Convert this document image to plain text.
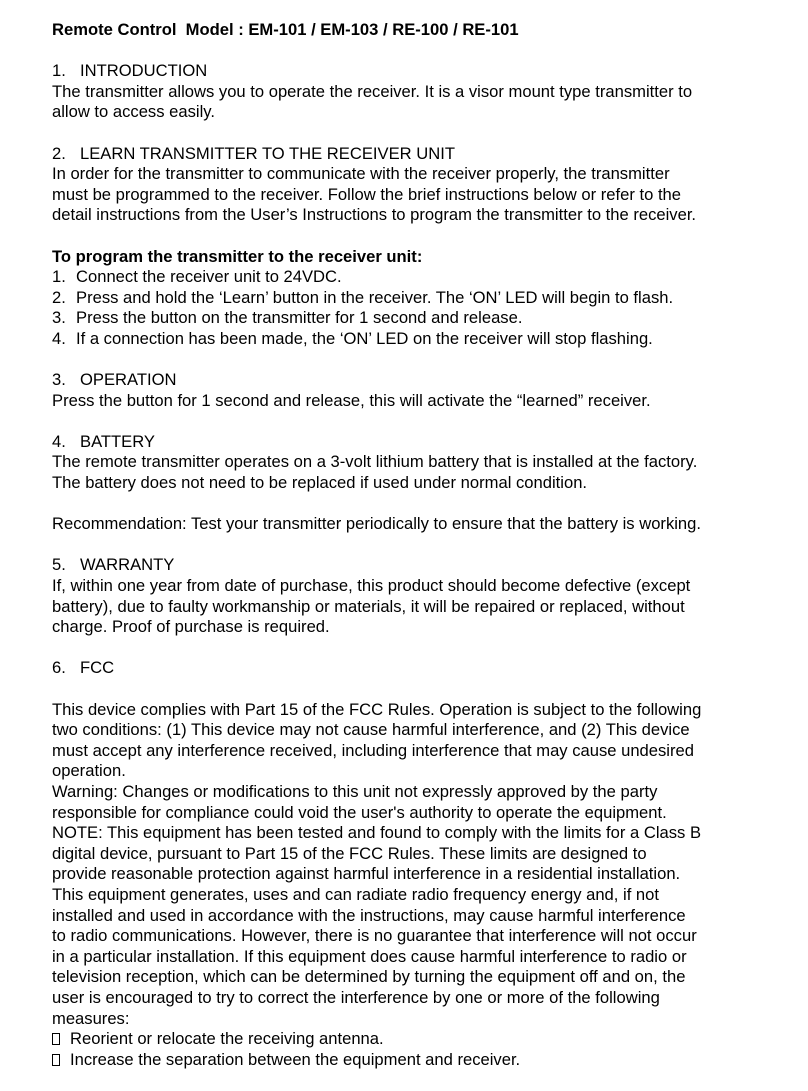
Remote Control  Model : EM-101 / EM-103 / RE-100 / RE-101
1. INTRODUCTION
The transmitter allows you to operate the receiver. It is a visor mount type transmitter to
allow to access easily.
2. LEARN TRANSMITTER TO THE RECEIVER UNIT
In order for the transmitter to communicate with the receiver properly, the transmitter
must be programmed to the receiver. Follow the brief instructions below or refer to the
detail instructions from the User’s Instructions to program the transmitter to the receiver.
To program the transmitter to the receiver unit:
1. Connect the receiver unit to 24VDC.
2. Press and hold the ‘Learn’ button in the receiver. The ‘ON’ LED will begin to flash.
3. Press the button on the transmitter for 1 second and release.
4. If a connection has been made, the ‘ON’ LED on the receiver will stop flashing.
3. OPERATION
Press the button for 1 second and release, this will activate the “learned” receiver.
4. BATTERY
The remote transmitter operates on a 3-volt lithium battery that is installed at the factory.
The battery does not need to be replaced if used under normal condition.
Recommendation: Test your transmitter periodically to ensure that the battery is working.
5. WARRANTY
If, within one year from date of purchase, this product should become defective (except
battery), due to faulty workmanship or materials, it will be repaired or replaced, without
charge. Proof of purchase is required.
6. FCC
This device complies with Part 15 of the FCC Rules. Operation is subject to the following
two conditions: (1) This device may not cause harmful interference, and (2) This device
must accept any interference received, including interference that may cause undesired
operation.
Warning: Changes or modifications to this unit not expressly approved by the party
responsible for compliance could void the user's authority to operate the equipment.
NOTE: This equipment has been tested and found to comply with the limits for a Class B
digital device, pursuant to Part 15 of the FCC Rules. These limits are designed to
provide reasonable protection against harmful interference in a residential installation.
This equipment generates, uses and can radiate radio frequency energy and, if not
installed and used in accordance with the instructions, may cause harmful interference
to radio communications. However, there is no guarantee that interference will not occur
in a particular installation. If this equipment does cause harmful interference to radio or
television reception, which can be determined by turning the equipment off and on, the
user is encouraged to try to correct the interference by one or more of the following
measures:
Reorient or relocate the receiving antenna.
Increase the separation between the equipment and receiver.
